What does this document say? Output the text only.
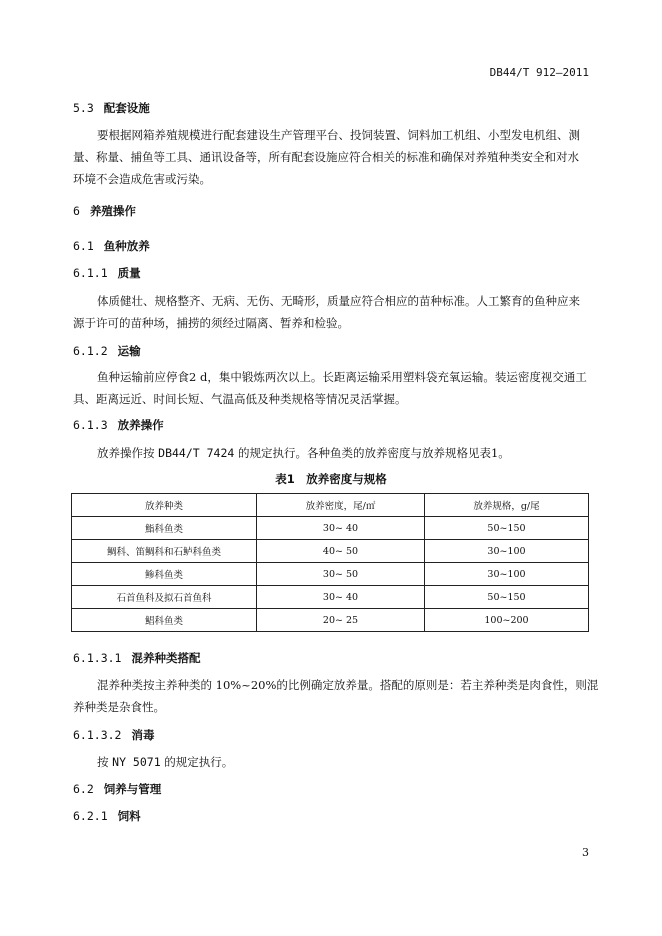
DB44/T 912—2011
5.3 配套设施
要根据网箱养殖规模进行配套建设生产管理平台、投饲装置、饲料加工机组、小型发电机组、测
量、称量、捕鱼等工具、通讯设备等，所有配套设施应符合相关的标准和确保对养殖种类安全和对水
环境不会造成危害或污染。
6 养殖操作
6.1 鱼种放养
6.1.1 质量
体质健壮、规格整齐、无病、无伤、无畸形，质量应符合相应的苗种标准。人工繁育的鱼种应来
源于许可的苗种场，捕捞的须经过隔离、暂养和检验。
6.1.2 运输
鱼种运输前应停食2 d，集中锻炼两次以上。长距离运输采用塑料袋充氧运输。装运密度视交通工
具、距离远近、时间长短、气温高低及种类规格等情况灵活掌握。
6.1.3 放养操作
放养操作按 DB44/T 7424 的规定执行。各种鱼类的放养密度与放养规格见表1。
表1　放养密度与规格
放养种类	放养密度，尾/㎡	放养规格，g/尾
鮨科鱼类	30~ 40	50~150
鲷科、笛鲷科和石鲈科鱼类	40~ 50	30~100
鲹科鱼类	30~ 50	30~100
石首鱼科及拟石首鱼科	30~ 40	50~150
鲳科鱼类	20~ 25	100~200
6.1.3.1 混养种类搭配
混养种类按主养种类的 10%~20%的比例确定放养量。搭配的原则是：若主养种类是肉食性，则混
养种类是杂食性。
6.1.3.2 消毒
按 NY 5071 的规定执行。
6.2 饲养与管理
6.2.1 饲料
3
